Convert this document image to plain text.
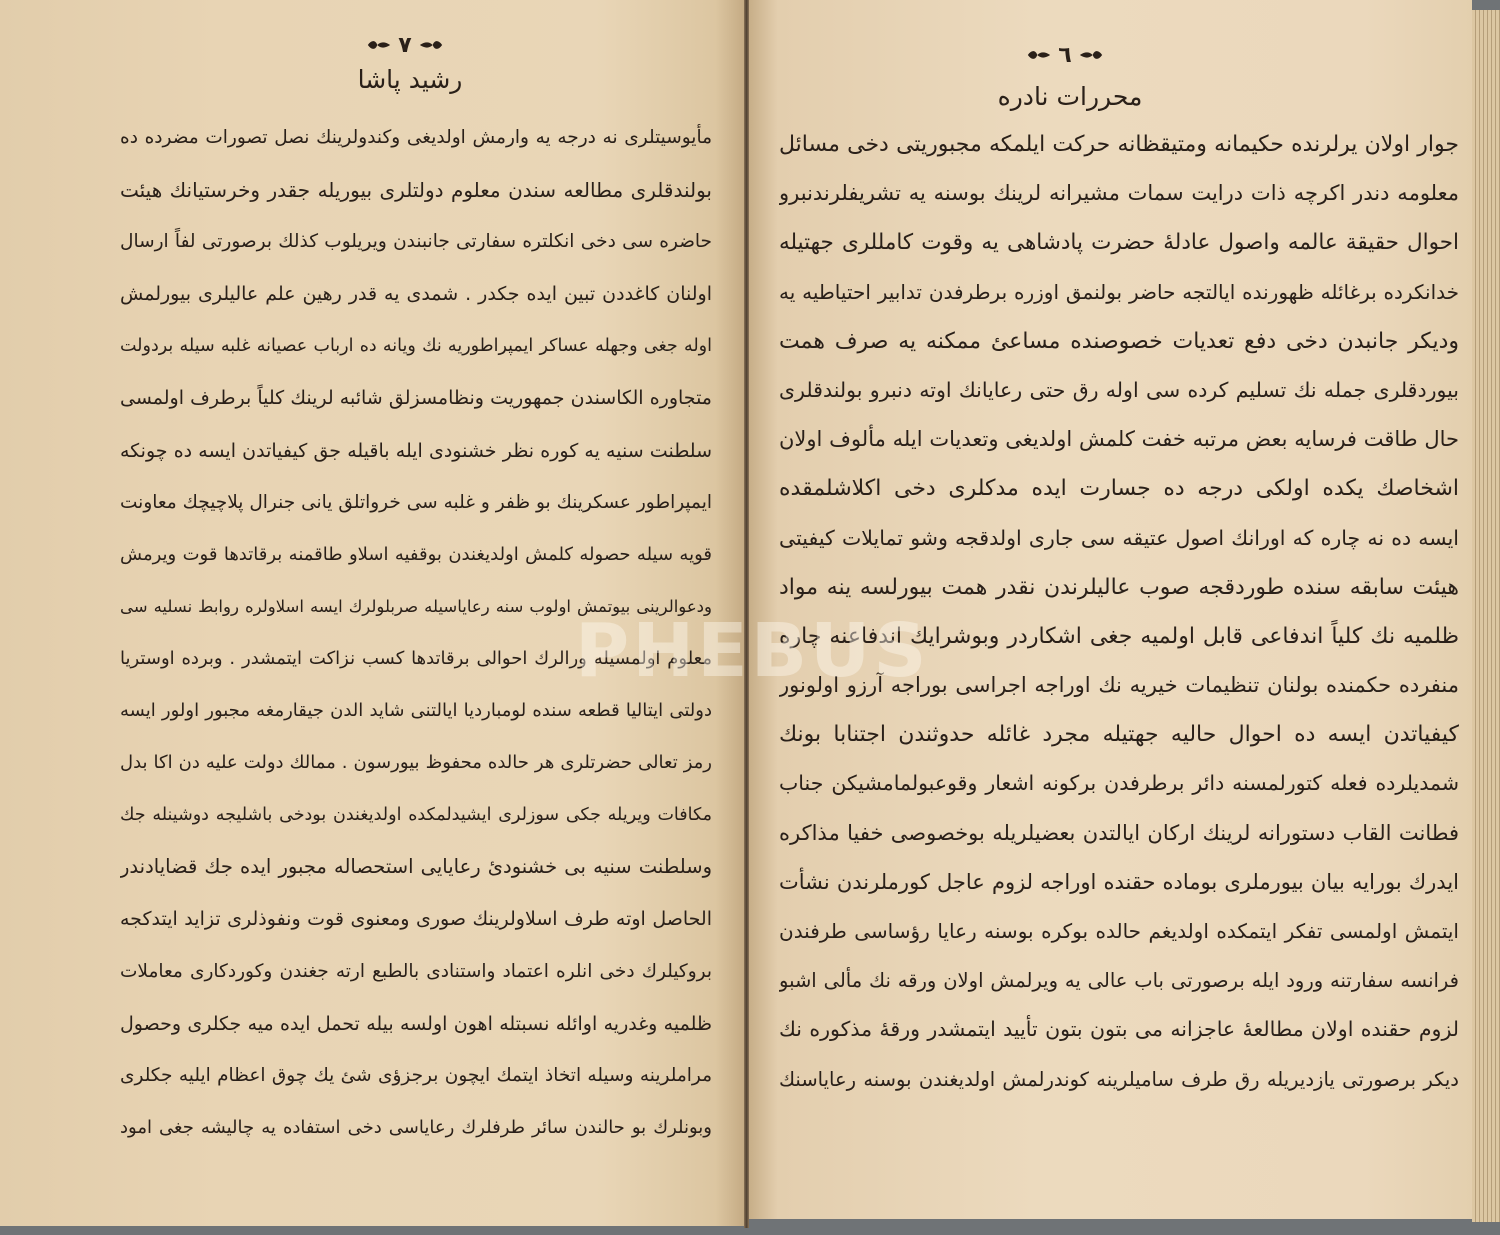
٧
رشيد پاشا
مأيوسيتلرى نه درجه يه وارمش اولديغى وكندولرينك نصل تصورات مضرده ده
بولندقلرى مطالعه سندن معلوم دولتلرى بيوريله جقدر وخرستيانك هيئت
حاضره سى دخى انكلتره سفارتى جانبندن ويريلوب كذلك برصورتى لفاً ارسال
اولنان كاغددن تبين ايده جكدر . شمدى يه قدر رهين علم عاليلرى بيورلمش
اوله جغى وجهله عساكر ايمپراطوريه نك ويانه ده ارباب عصيانه غلبه سيله بردولت
متجاوره الكاسندن جمهوريت ونظامسزلق شائبه لرينك كلياً برطرف اولمسى
سلطنت سنيه يه كوره نظر خشنودى ايله باقيله جق كيفياتدن ايسه ده چونكه
ايمپراطور عسكرينك بو ظفر و غلبه سى خرواتلق يانى جنرال پلاچيچك معاونت
قويه سيله حصوله كلمش اولديغندن بوقفيه اسلاو طاقمنه برقاتدها قوت ويرمش
ودعوالرينى بيوتمش اولوب سنه رعاياسيله صربلولرك ايسه اسلاولره روابط نسليه سى
معلوم اولمسيله ورالرك احوالى برقاتدها كسب نزاكت ايتمشدر . وبرده اوستريا
دولتى ايتاليا قطعه سنده لومبارديا ايالتنى شايد الدن جيقارمغه مجبور اولور ايسه
رمز تعالى حضرتلرى هر حالده محفوظ بيورسون . ممالك دولت عليه دن اكا بدل
مكافات ويريله جكى سوزلرى ايشيدلمكده اولديغندن بودخى باشليجه دوشينله جك
وسلطنت سنيه بى خشنودئ رعايايى استحصاله مجبور ايده جك قضايادندر
الحاصل اوته طرف اسلاولرينك صورى ومعنوى قوت ونفوذلرى تزايد ايتدكجه
بروكيلرك دخى انلره اعتماد واستنادى بالطبع ارته جغندن وكوردكارى معاملات
ظلميه وغدريه اوائله نسبتله اهون اولسه بيله تحمل ايده ميه جكلرى وحصول
مراملرينه وسيله اتخاذ ايتمك ايچون برجزؤى شئ يك چوق اعظام ايليه جكلرى
وبونلرك بو حالندن سائر طرفلرك رعاياسى دخى استفاده يه چاليشه جغى امود
٦
محررات نادره
جوار اولان يرلرنده حكيمانه ومتيقظانه حركت ايلمكه مجبوريتى دخى مسائل
معلومه دندر اكرچه ذات درايت سمات مشيرانه لرينك بوسنه يه تشريفلرندنبرو
احوال حقيقة عالمه واصول عادلۀ حضرت پادشاهى يه وقوت كامللرى جهتيله
خدانكرده برغائله ظهورنده ايالتجه حاضر بولنمق اوزره برطرفدن تدابير احتياطيه يه
وديكر جانبدن دخى دفع تعديات خصوصنده مساعئ ممكنه يه صرف همت
بيوردقلرى جمله نك تسليم كرده سى اوله رق حتى رعايانك اوته دنبرو بولندقلرى
حال طاقت فرسايه بعض مرتبه خفت كلمش اولديغى وتعديات ايله مألوف اولان
اشخاصك يكده اولكى درجه ده جسارت ايده مدكلرى دخى اكلاشلمقده
ايسه ده نه چاره كه اورانك اصول عتيقه سى جارى اولدقجه وشو تمايلات كيفيتى
هيئت سابقه سنده طوردقجه صوب عاليلرندن نقدر همت بيورلسه ينه مواد
ظلميه نك كلياً اندفاعى قابل اولميه جغى اشكاردر وبوشرايك اندفاعنه چاره
منفرده حكمنده بولنان تنظيمات خيريه نك اوراجه اجراسى بوراجه آرزو اولونور
كيفياتدن ايسه ده احوال حاليه جهتيله مجرد غائله حدوثندن اجتنابا بونك
شمديلرده فعله كتورلمسنه دائر برطرفدن بركونه اشعار وقوعبولمامشيكن جناب
فطانت القاب دستورانه لرينك اركان ايالتدن بعضيلريله بوخصوصى خفيا مذاكره
ايدرك بورايه بيان بيورملرى بوماده حقنده اوراجه لزوم عاجل كورملرندن نشأت
ايتمش اولمسى تفكر ايتمكده اولديغم حالده بوكره بوسنه رعايا رؤساسى طرفندن
فرانسه سفارتنه ورود ايله برصورتى باب عالى يه ويرلمش اولان ورقه نك مألى اشبو
لزوم حقنده اولان مطالعۀ عاجزانه مى بتون بتون تأييد ايتمشدر ورقۀ مذكوره نك
ديكر برصورتى يازديريله رق طرف ساميلرينه كوندرلمش اولديغندن بوسنه رعاياسنك
PHEBUS
